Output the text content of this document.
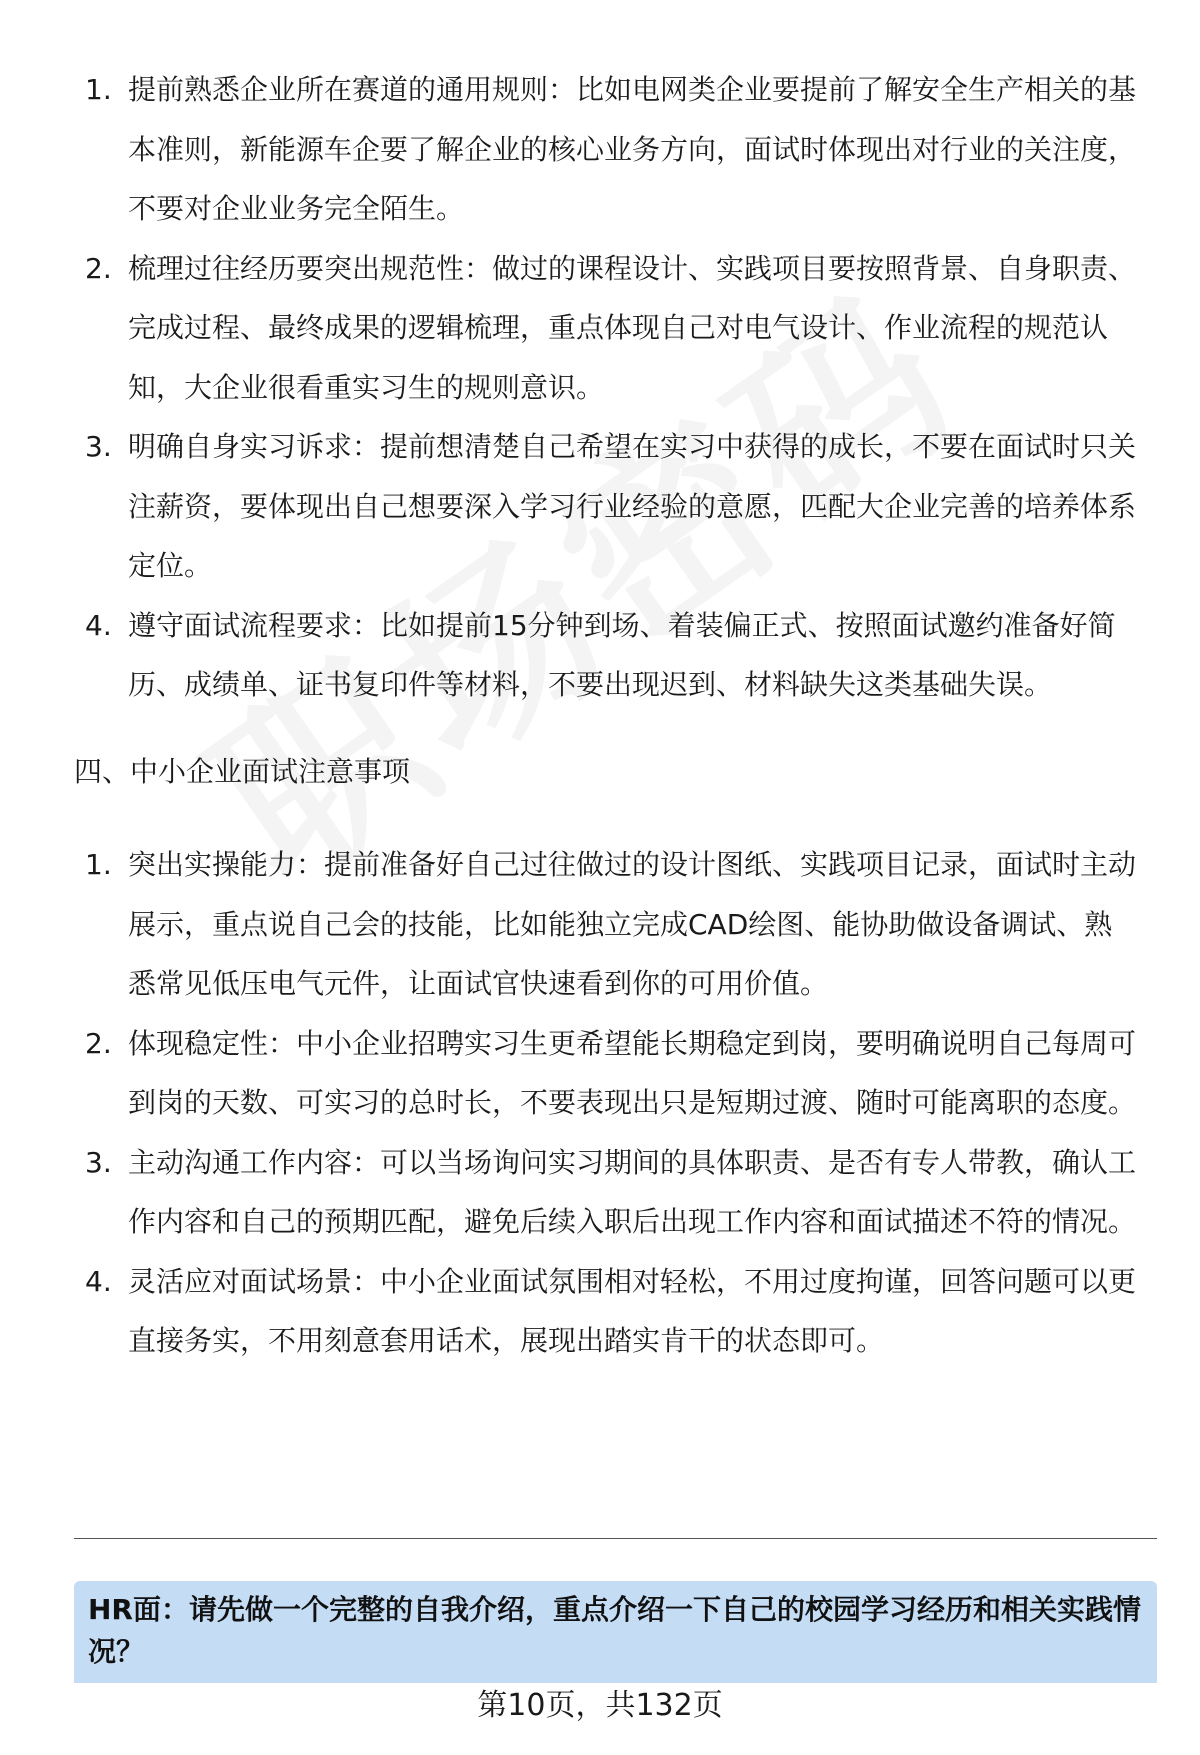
1. 提前熟悉企业所在赛道的通用规则：比如电网类企业要提前了解安全生产相关的基本准则，新能源车企要了解企业的核心业务方向，面试时体现出对行业的关注度，不要对企业业务完全陌生。
2. 梳理过往经历要突出规范性：做过的课程设计、实践项目要按照背景、自身职责、完成过程、最终成果的逻辑梳理，重点体现自己对电气设计、作业流程的规范认知，大企业很看重实习生的规则意识。
3. 明确自身实习诉求：提前想清楚自己希望在实习中获得的成长，不要在面试时只关注薪资，要体现出自己想要深入学习行业经验的意愿，匹配大企业完善的培养体系定位。
4. 遵守面试流程要求：比如提前15分钟到场、着装偏正式、按照面试邀约准备好简历、成绩单、证书复印件等材料，不要出现迟到、材料缺失这类基础失误。
四、中小企业面试注意事项
1. 突出实操能力：提前准备好自己过往做过的设计图纸、实践项目记录，面试时主动展示，重点说自己会的技能，比如能独立完成CAD绘图、能协助做设备调试、熟悉常见低压电气元件，让面试官快速看到你的可用价值。
2. 体现稳定性：中小企业招聘实习生更希望能长期稳定到岗，要明确说明自己每周可到岗的天数、可实习的总时长，不要表现出只是短期过渡、随时可能离职的态度。
3. 主动沟通工作内容：可以当场询问实习期间的具体职责、是否有专人带教，确认工作内容和自己的预期匹配，避免后续入职后出现工作内容和面试描述不符的情况。
4. 灵活应对面试场景：中小企业面试氛围相对轻松，不用过度拘谨，回答问题可以更直接务实，不用刻意套用话术，展现出踏实肯干的状态即可。
HR面：请先做一个完整的自我介绍，重点介绍一下自己的校园学习经历和相关实践情况？
第10页，共132页
